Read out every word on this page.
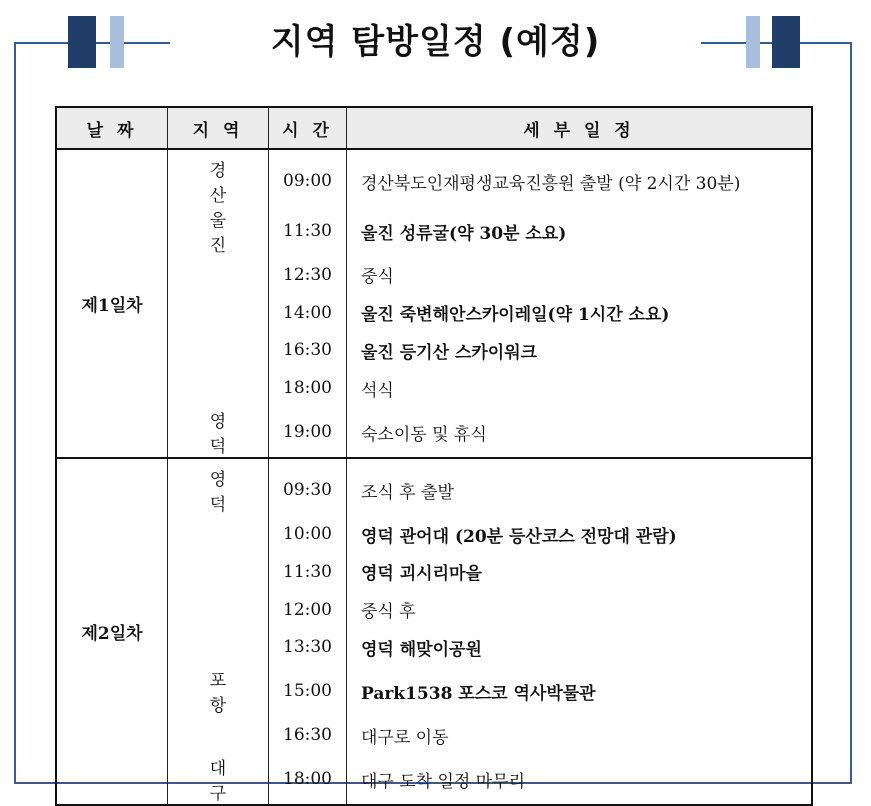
지역 탐방일정 (예정)
날 짜	지 역	시 간	세 부 일 정
제1일차	경 산	09:00	경산북도인재평생교육진흥원 출발 (약 2시간 30분)
	울 진	11:30	울진 성류굴(약 30분 소요)
		12:30	중식
		14:00	울진 죽변해안스카이레일(약 1시간 소요)
		16:30	울진 등기산 스카이워크
		18:00	석식
	영 덕	19:00	숙소이동 및 휴식
제2일차	영 덕	09:30	조식 후 출발
		10:00	영덕 관어대 (20분 등산코스 전망대 관람)
		11:30	영덕 괴시리마을
		12:00	중식 후
		13:30	영덕 해맞이공원
	포 항	15:00	Park1538 포스코 역사박물관
		16:30	대구로 이동
	대 구	18:00	대구 도착 일정 마무리
